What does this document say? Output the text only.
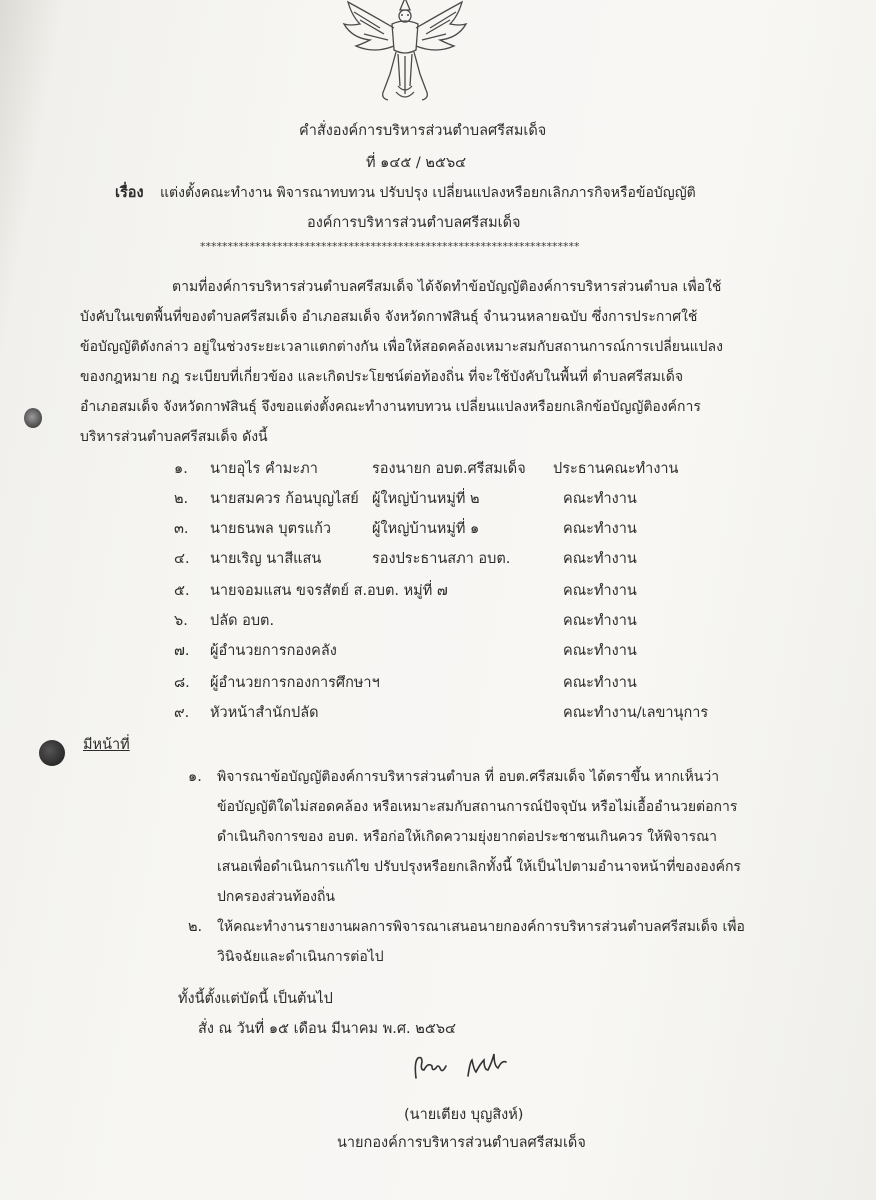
คำสั่งองค์การบริหารส่วนตำบลศรีสมเด็จ
ที่ ๑๔๕ / ๒๕๖๔
เรื่อง แต่งตั้งคณะทำงาน พิจารณาทบทวน ปรับปรุง เปลี่ยนแปลงหรือยกเลิกภารกิจหรือข้อบัญญัติ
องค์การบริหารส่วนตำบลศรีสมเด็จ
*********************************************************************
ตามที่องค์การบริหารส่วนตำบลศรีสมเด็จ ได้จัดทำข้อบัญญัติองค์การบริหารส่วนตำบล เพื่อใช้
บังคับในเขตพื้นที่ของตำบลศรีสมเด็จ อำเภอสมเด็จ จังหวัดกาฬสินธุ์ จำนวนหลายฉบับ ซึ่งการประกาศใช้
ข้อบัญญัติดังกล่าว อยู่ในช่วงระยะเวลาแตกต่างกัน เพื่อให้สอดคล้องเหมาะสมกับสถานการณ์การเปลี่ยนแปลง
ของกฎหมาย กฎ ระเบียบที่เกี่ยวข้อง และเกิดประโยชน์ต่อท้องถิ่น ที่จะใช้บังคับในพื้นที่ ตำบลศรีสมเด็จ
อำเภอสมเด็จ จังหวัดกาฬสินธุ์ จึงขอแต่งตั้งคณะทำงานทบทวน เปลี่ยนแปลงหรือยกเลิกข้อบัญญัติองค์การ
บริหารส่วนตำบลศรีสมเด็จ ดังนี้
๑. นายอุไร คำมะภา	รองนายก อบต.ศรีสมเด็จ ประธานคณะทำงาน
๒. นายสมควร ก้อนบุญไสย์ ผู้ใหญ่บ้านหมู่ที่ ๒	คณะทำงาน
๓. นายธนพล บุตรแก้ว	ผู้ใหญ่บ้านหมู่ที่ ๑	คณะทำงาน
๔. นายเริญ นาสีแสน	รองประธานสภา อบต.	คณะทำงาน
๕. นายจอมแสน ขจรสัตย์ ส.อบต. หมู่ที่ ๗	คณะทำงาน
๖. ปลัด อบต.	คณะทำงาน
๗. ผู้อำนวยการกองคลัง	คณะทำงาน
๘. ผู้อำนวยการกองการศึกษาฯ	คณะทำงาน
๙. หัวหน้าสำนักปลัด	คณะทำงาน/เลขานุการ
มีหน้าที่
๑. พิจารณาข้อบัญญัติองค์การบริหารส่วนตำบล ที่ อบต.ศรีสมเด็จ ได้ตราขึ้น หากเห็นว่า
ข้อบัญญัติใดไม่สอดคล้อง หรือเหมาะสมกับสถานการณ์ปัจจุบัน หรือไม่เอื้ออำนวยต่อการ
ดำเนินกิจการของ อบต. หรือก่อให้เกิดความยุ่งยากต่อประชาชนเกินควร ให้พิจารณา
เสนอเพื่อดำเนินการแก้ไข ปรับปรุงหรือยกเลิกทั้งนี้ ให้เป็นไปตามอำนาจหน้าที่ขององค์กร
ปกครองส่วนท้องถิ่น
๒. ให้คณะทำงานรายงานผลการพิจารณาเสนอนายกองค์การบริหารส่วนตำบลศรีสมเด็จ เพื่อ
วินิจฉัยและดำเนินการต่อไป
ทั้งนี้ตั้งแต่บัดนี้ เป็นต้นไป
สั่ง ณ วันที่ ๑๕ เดือน มีนาคม พ.ศ. ๒๕๖๔
(นายเตียง บุญสิงห์)
นายกองค์การบริหารส่วนตำบลศรีสมเด็จ
